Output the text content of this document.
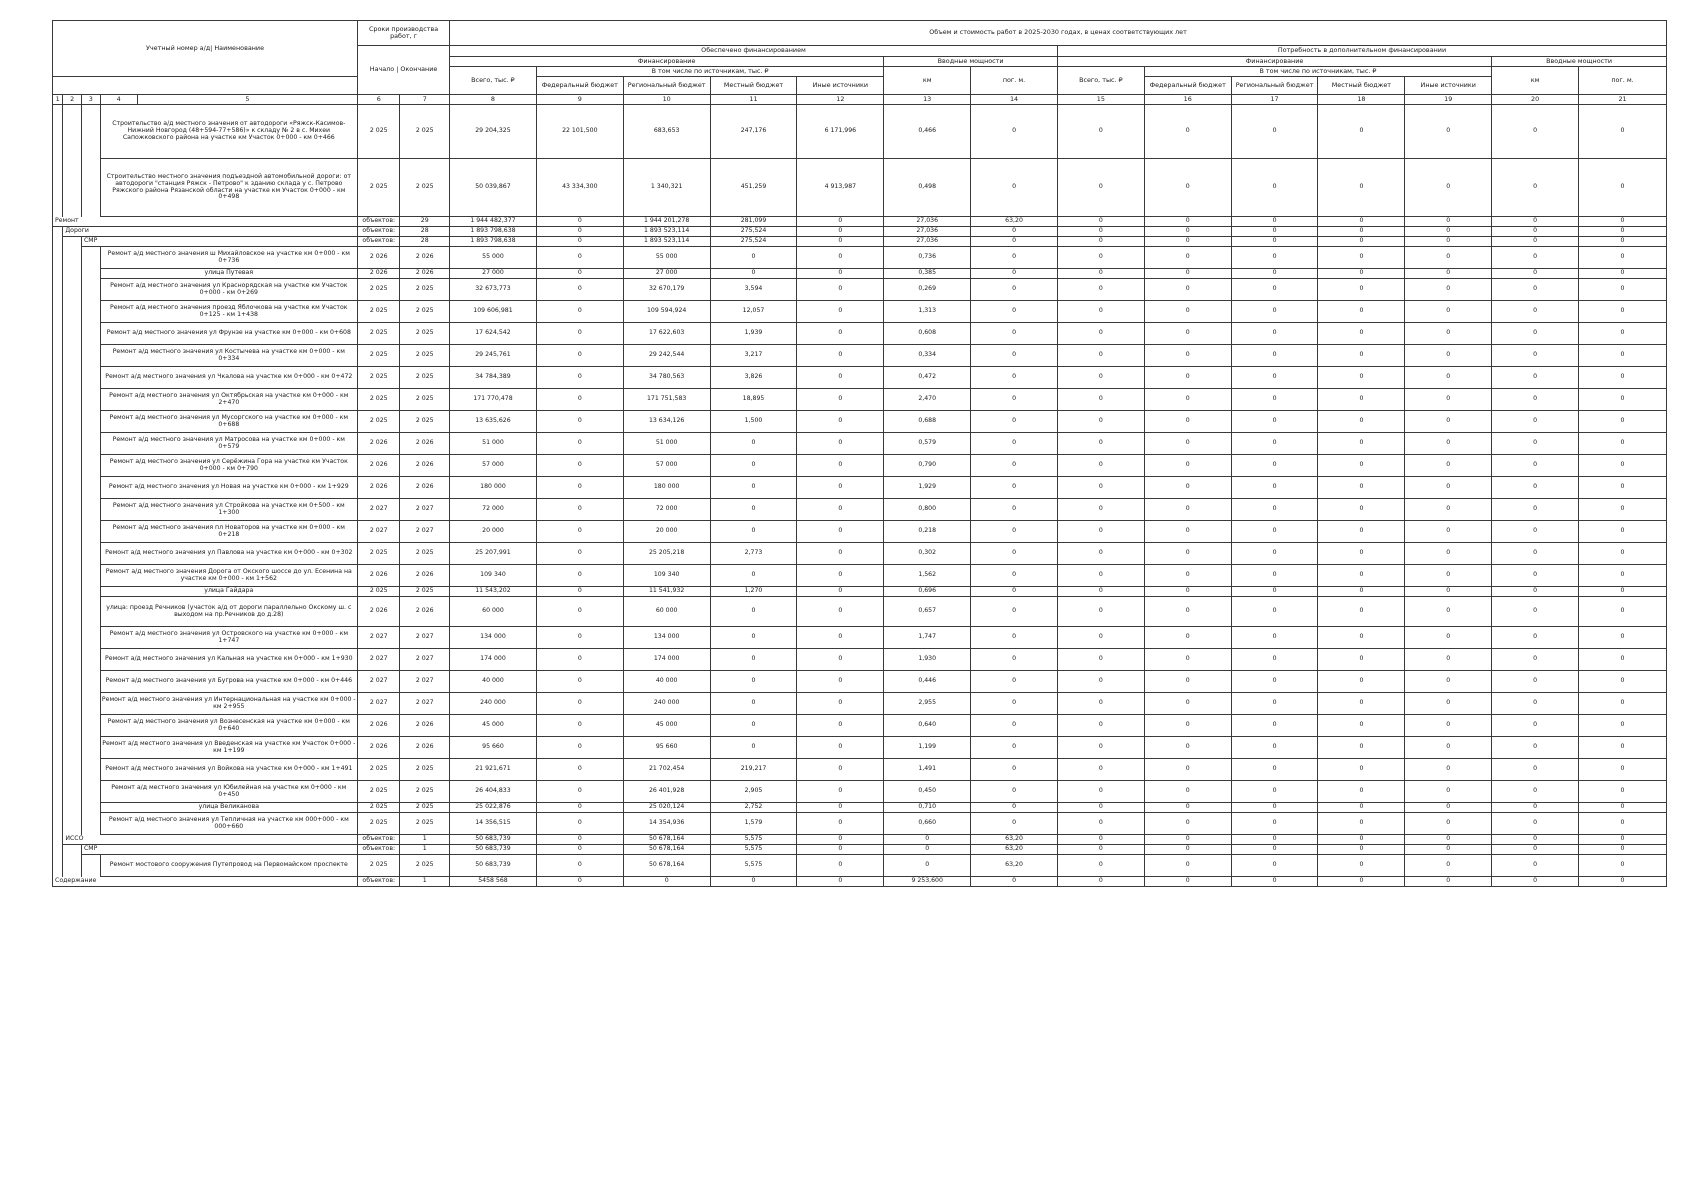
Учетный номер а/д| Наименование					Сроки производства работ, г		Объем и стоимость работ в 2025-2030 годах, в ценах соответствующих лет													
					Начало | Окончание		Обеспечено финансированием							Потребность в дополнительном финансировании						
							Финансирование					Вводные мощности		Финансирование					Вводные мощности	
							Всего, тыс. ₽	В том числе по источникам, тыс. ₽				км	пог. м.	Всего, тыс. ₽	В том числе по источникам, тыс. ₽				км	пог. м.
								Федеральный бюджет	Региональный бюджет	Местный бюджет	Иные источники				Федеральный бюджет	Региональный бюджет	Местный бюджет	Иные источники		
1	2	3	4	5	6	7	8	9	10	11	12	13	14	15	16	17	18	19	20	21
			Строительство а/д местного значения от автодороги «Ряжск-Касимов-Нижний Новгород (48+594-77+586)» к складу № 2 в с. Михеи Сапожковского района на участке км Участок 0+000 - км 0+466		2 025	2 025	29 204,325	22 101,500	683,653	247,176	6 171,996	0,466	0	0	0	0	0	0	0	0
			Строительство местного значения подъездной автомобильной дороги: от автодороги "станция Ряжск - Петрово" к зданию склада у с. Петрово Ряжского района Рязанской области на участке км Участок 0+000 - км 0+498		2 025	2 025	50 039,867	43 334,300	1 340,321	451,259	4 913,987	0,498	0	0	0	0	0	0	0	0
Ремонт					объектов:	29	1 944 482,377	0	1 944 201,278	281,099	0	27,036	63,20	0	0	0	0	0	0	0
	Дороги				объектов:	28	1 893 798,638	0	1 893 523,114	275,524	0	27,036	0	0	0	0	0	0	0	0
		СМР			объектов:	28	1 893 798,638	0	1 893 523,114	275,524	0	27,036	0	0	0	0	0	0	0	0
			Ремонт а/д местного значения ш Михайловское на участке км 0+000 - км 0+736		2 026	2 026	55 000	0	55 000	0	0	0,736	0	0	0	0	0	0	0	0
			улица Путевая		2 026	2 026	27 000	0	27 000	0	0	0,385	0	0	0	0	0	0	0	0
			Ремонт а/д местного значения ул Краснорядская на участке км Участок 0+000 - км 0+269		2 025	2 025	32 673,773	0	32 670,179	3,594	0	0,269	0	0	0	0	0	0	0	0
			Ремонт а/д местного значения проезд Яблочкова на участке км Участок 0+125 - км 1+438		2 025	2 025	109 606,981	0	109 594,924	12,057	0	1,313	0	0	0	0	0	0	0	0
			Ремонт а/д местного значения ул Фрунзе на участке км 0+000 - км 0+608		2 025	2 025	17 624,542	0	17 622,603	1,939	0	0,608	0	0	0	0	0	0	0	0
			Ремонт а/д местного значения ул Костычева на участке км 0+000 - км 0+334		2 025	2 025	29 245,761	0	29 242,544	3,217	0	0,334	0	0	0	0	0	0	0	0
			Ремонт а/д местного значения ул Чкалова на участке км 0+000 - км 0+472		2 025	2 025	34 784,389	0	34 780,563	3,826	0	0,472	0	0	0	0	0	0	0	0
			Ремонт а/д местного значения ул Октябрьская на участке км 0+000 - км 2+470		2 025	2 025	171 770,478	0	171 751,583	18,895	0	2,470	0	0	0	0	0	0	0	0
			Ремонт а/д местного значения ул Мусоргского на участке км 0+000 - км 0+688		2 025	2 025	13 635,626	0	13 634,126	1,500	0	0,688	0	0	0	0	0	0	0	0
			Ремонт а/д местного значения ул Матросова на участке км 0+000 - км 0+579		2 026	2 026	51 000	0	51 000	0	0	0,579	0	0	0	0	0	0	0	0
			Ремонт а/д местного значения ул Серёжина Гора на участке км Участок 0+000 - км 0+790		2 026	2 026	57 000	0	57 000	0	0	0,790	0	0	0	0	0	0	0	0
			Ремонт а/д местного значения ул Новая на участке км 0+000 - км 1+929		2 026	2 026	180 000	0	180 000	0	0	1,929	0	0	0	0	0	0	0	0
			Ремонт а/д местного значения ул Стройкова на участке км 0+500 - км 1+300		2 027	2 027	72 000	0	72 000	0	0	0,800	0	0	0	0	0	0	0	0
			Ремонт а/д местного значения пл Новаторов на участке км 0+000 - км 0+218		2 027	2 027	20 000	0	20 000	0	0	0,218	0	0	0	0	0	0	0	0
			Ремонт а/д местного значения ул Павлова на участке км 0+000 - км 0+302		2 025	2 025	25 207,991	0	25 205,218	2,773	0	0,302	0	0	0	0	0	0	0	0
			Ремонт а/д местного значения Дорога от Окского шоссе до ул. Есенина на участке км 0+000 - км 1+562		2 026	2 026	109 340	0	109 340	0	0	1,562	0	0	0	0	0	0	0	0
			улица Гайдара		2 025	2 025	11 543,202	0	11 541,932	1,270	0	0,696	0	0	0	0	0	0	0	0
			улица: проезд Речников (участок а/д от дороги параллельно Окскому ш. с выходом на пр.Речников до д.28)		2 026	2 026	60 000	0	60 000	0	0	0,657	0	0	0	0	0	0	0	0
			Ремонт а/д местного значения ул Островского на участке км 0+000 - км 1+747		2 027	2 027	134 000	0	134 000	0	0	1,747	0	0	0	0	0	0	0	0
			Ремонт а/д местного значения ул Кальная на участке км 0+000 - км 1+930		2 027	2 027	174 000	0	174 000	0	0	1,930	0	0	0	0	0	0	0	0
			Ремонт а/д местного значения ул Бугрова на участке км 0+000 - км 0+446		2 027	2 027	40 000	0	40 000	0	0	0,446	0	0	0	0	0	0	0	0
			Ремонт а/д местного значения ул Интернациональная на участке км 0+000 - км 2+955		2 027	2 027	240 000	0	240 000	0	0	2,955	0	0	0	0	0	0	0	0
			Ремонт а/д местного значения ул Вознесенская на участке км 0+000 - км 0+640		2 026	2 026	45 000	0	45 000	0	0	0,640	0	0	0	0	0	0	0	0
			Ремонт а/д местного значения ул Введенская на участке км Участок 0+000 - км 1+199		2 026	2 026	95 660	0	95 660	0	0	1,199	0	0	0	0	0	0	0	0
			Ремонт а/д местного значения ул Войкова на участке км 0+000 - км 1+491		2 025	2 025	21 921,671	0	21 702,454	219,217	0	1,491	0	0	0	0	0	0	0	0
			Ремонт а/д местного значения ул Юбилейная на участке км 0+000 - км 0+450		2 025	2 025	26 404,833	0	26 401,928	2,905	0	0,450	0	0	0	0	0	0	0	0
			улица Великанова		2 025	2 025	25 022,876	0	25 020,124	2,752	0	0,710	0	0	0	0	0	0	0	0
			Ремонт а/д местного значения ул Тепличная на участке км 000+000 - км 000+660		2 025	2 025	14 356,515	0	14 354,936	1,579	0	0,660	0	0	0	0	0	0	0	0
	ИССО				объектов:	1	50 683,739	0	50 678,164	5,575	0	0	63,20	0	0	0	0	0	0	0
		СМР			объектов:	1	50 683,739	0	50 678,164	5,575	0	0	63,20	0	0	0	0	0	0	0
			Ремонт мостового сооружения Путепровод на Первомайском проспекте		2 025	2 025	50 683,739	0	50 678,164	5,575	0	0	63,20	0	0	0	0	0	0	0
Содержание					объектов:	1	5458 568	0	0	0	0	9 253,600	0	0	0	0	0	0	0	0
